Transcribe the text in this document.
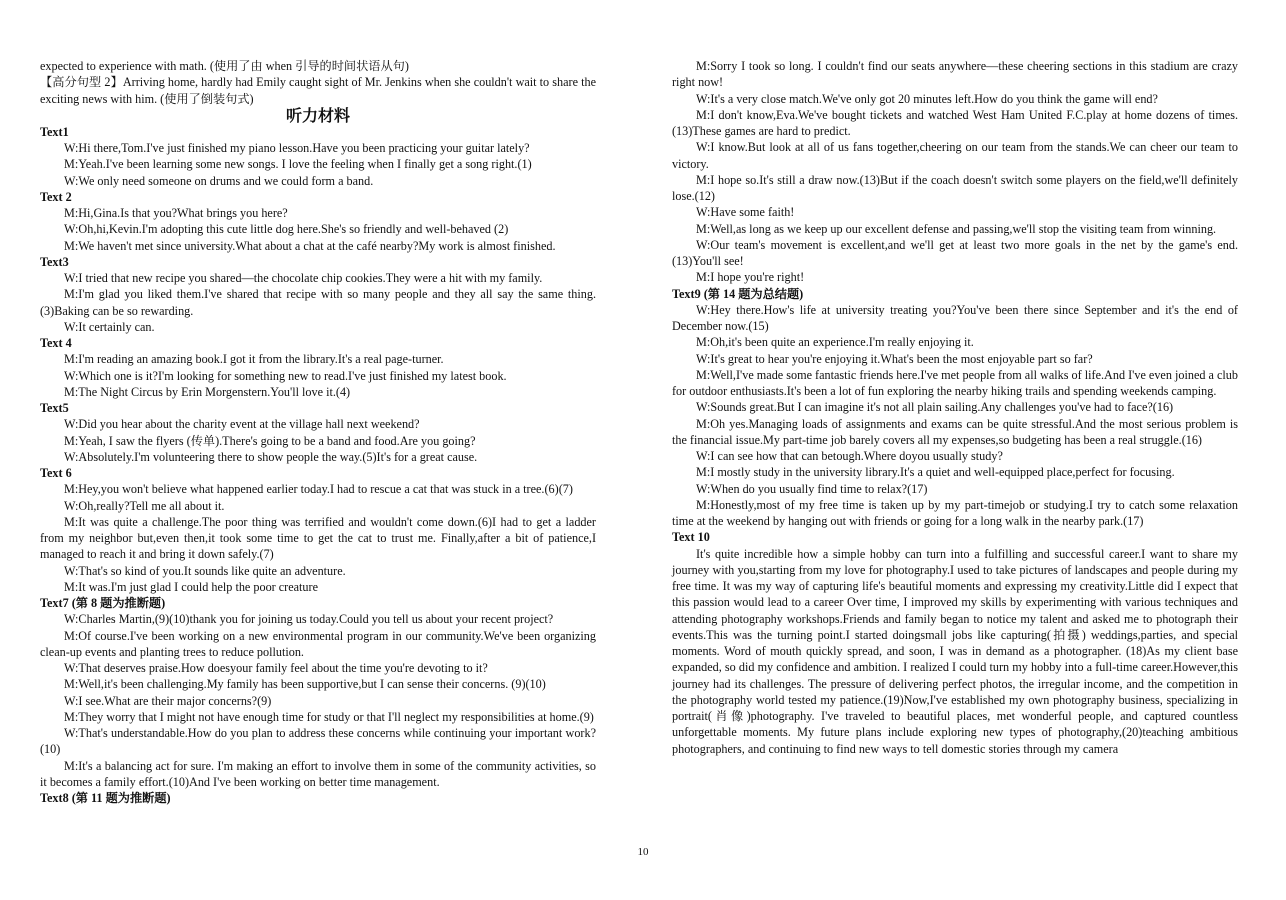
expected to experience with math. (使用了由 when 引导的时间状语从句)

【高分句型 2】Arriving home, hardly had Emily caught sight of Mr. Jenkins when she couldn't wait to share the exciting news with him. (使用了倒装句式)

听力材料

Text1

W:Hi there,Tom.I've just finished my piano lesson.Have you been practicing your guitar lately?

M:Yeah.I've been learning some new songs. I love the feeling when I finally get a song right.(1)

W:We only need someone on drums and we could form a band.

Text 2

M:Hi,Gina.Is that you?What brings you here?

W:Oh,hi,Kevin.I'm adopting this cute little dog here.She's so friendly and well-behaved (2)

M:We haven't met since university.What about a chat at the café nearby?My work is almost finished.

Text3

W:I tried that new recipe you shared—the chocolate chip cookies.They were a hit with my family.

M:I'm glad you liked them.I've shared that recipe with so many people and they all say the same thing.(3)Baking can be so rewarding.

W:It certainly can.

Text 4

M:I'm reading an amazing book.I got it from the library.It's a real page-turner.

W:Which one is it?I'm looking for something new to read.I've just finished my latest book.

M:The Night Circus by Erin Morgenstern.You'll love it.(4)

Text5

W:Did you hear about the charity event at the village hall next weekend?

M:Yeah, I saw the flyers (传单).There's going to be a band and food.Are you going?

W:Absolutely.I'm volunteering there to show people the way.(5)It's for a great cause.

Text 6

M:Hey,you won't believe what happened earlier today.I had to rescue a cat that was stuck in a tree.(6)(7)

W:Oh,really?Tell me all about it.

M:It was quite a challenge.The poor thing was terrified and wouldn't come down.(6)I had to get a ladder from my neighbor but,even then,it took some time to get the cat to trust me. Finally,after a bit of patience,I managed to reach it and bring it down safely.(7)

W:That's so kind of you.It sounds like quite an adventure.

M:It was.I'm just glad I could help the poor creature

Text7 (第 8 题为推断题)

W:Charles Martin,(9)(10)thank you for joining us today.Could you tell us about your recent project?

M:Of course.I've been working on a new environmental program in our community.We've been organizing clean-up events and planting trees to reduce pollution.

W:That deserves praise.How doesyour family feel about the time you're devoting to it?

M:Well,it's been challenging.My family has been supportive,but I can sense their concerns. (9)(10)

W:I see.What are their major concerns?(9)

M:They worry that I might not have enough time for study or that I'll neglect my responsibilities at home.(9)

W:That's understandable.How do you plan to address these concerns while continuing your important work?(10)

M:It's a balancing act for sure. I'm making an effort to involve them in some of the community activities, so it becomes a family effort.(10)And I've been working on better time management.

Text8 (第 11 题为推断题)

M:Sorry I took so long. I couldn't find our seats anywhere—these cheering sections in this stadium are crazy right now!

W:It's a very close match.We've only got 20 minutes left.How do you think the game will end?

M:I don't know,Eva.We've bought tickets and watched West Ham United F.C.play at home dozens of times.(13)These games are hard to predict.

W:I know.But look at all of us fans together,cheering on our team from the stands.We can cheer our team to victory.

M:I hope so.It's still a draw now.(13)But if the coach doesn't switch some players on the field,we'll definitely lose.(12)

W:Have some faith!

M:Well,as long as we keep up our excellent defense and passing,we'll stop the visiting team from winning.

W:Our team's movement is excellent,and we'll get at least two more goals in the net by the game's end.(13)You'll see!

M:I hope you're right!

Text9 (第 14 题为总结题)

W:Hey there.How's life at university treating you?You've been there since September and it's the end of December now.(15)

M:Oh,it's been quite an experience.I'm really enjoying it.

W:It's great to hear you're enjoying it.What's been the most enjoyable part so far?

M:Well,I've made some fantastic friends here.I've met people from all walks of life.And I've even joined a club for outdoor enthusiasts.It's been a lot of fun exploring the nearby hiking trails and spending weekends camping.

W:Sounds great.But I can imagine it's not all plain sailing.Any challenges you've had to face?(16)

M:Oh yes.Managing loads of assignments and exams can be quite stressful.And the most serious problem is the financial issue.My part-time job barely covers all my expenses,so budgeting has been a real struggle.(16)

W:I can see how that can betough.Where doyou usually study?

M:I mostly study in the university library.It's a quiet and well-equipped place,perfect for focusing.

W:When do you usually find time to relax?(17)

M:Honestly,most of my free time is taken up by my part-timejob or studying.I try to catch some relaxation time at the weekend by hanging out with friends or going for a long walk in the nearby park.(17)

Text 10

It's quite incredible how a simple hobby can turn into a fulfilling and successful career.I want to share my journey with you,starting from my love for photography.I used to take pictures of landscapes and people during my free time. It was my way of capturing life's beautiful moments and expressing my creativity.Little did I expect that this passion would lead to a career Over time, I improved my skills by experimenting with various techniques and attending photography workshops.Friends and family began to notice my talent and asked me to photograph their events.This was the turning point.I started doingsmall jobs like capturing(拍摄) weddings,parties, and special moments. Word of mouth quickly spread, and soon, I was in demand as a photographer. (18)As my client base expanded, so did my confidence and ambition. I realized I could turn my hobby into a full-time career.However,this journey had its challenges. The pressure of delivering perfect photos, the irregular income, and the competition in the photography world tested my patience.(19)Now,I've established my own photography business, specializing in portrait(肖像)photography. I've traveled to beautiful places, met wonderful people, and captured countless unforgettable moments. My future plans include exploring new types of photography,(20)teaching ambitious photographers, and continuing to find new ways to tell domestic stories through my camera

10
